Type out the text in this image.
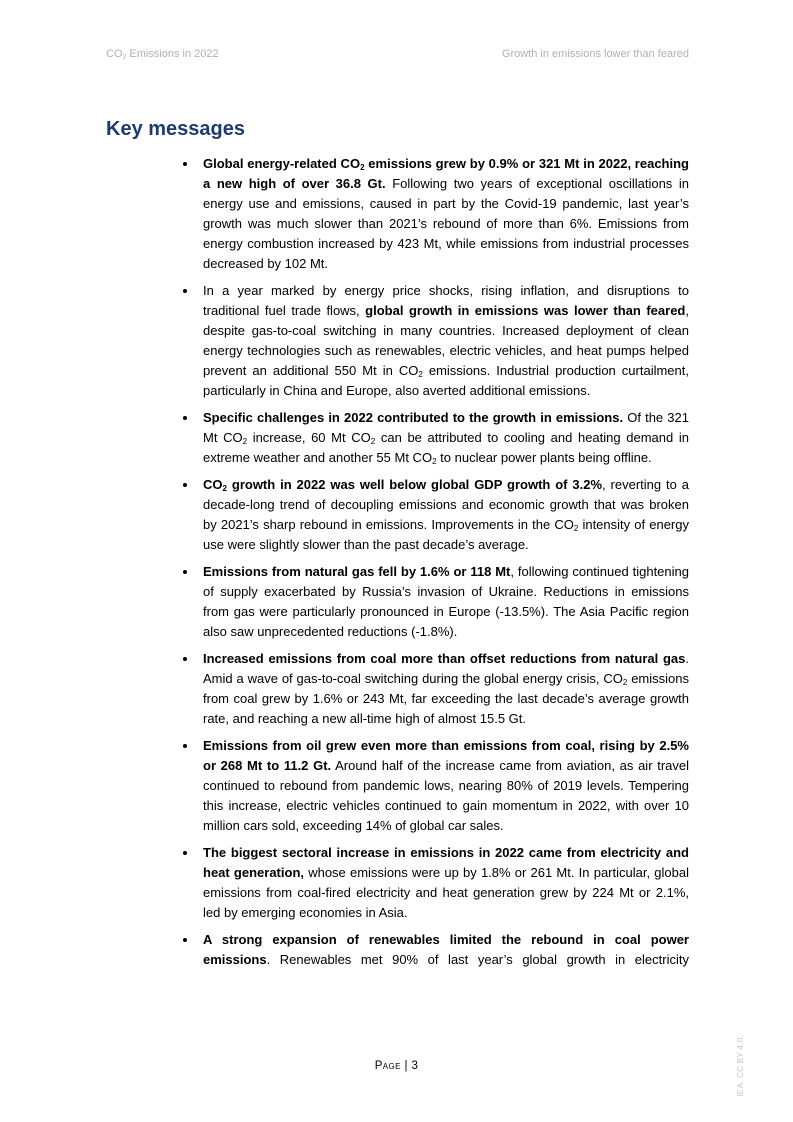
$CO_2$ Emissions in 2022	Growth in emissions lower than feared
Key messages
Global energy-related $CO_2$ emissions grew by 0.9% or 321 Mt in 2022, reaching a new high of over 36.8 Gt. Following two years of exceptional oscillations in energy use and emissions, caused in part by the Covid-19 pandemic, last year’s growth was much slower than 2021’s rebound of more than 6%. Emissions from energy combustion increased by 423 Mt, while emissions from industrial processes decreased by 102 Mt.
In a year marked by energy price shocks, rising inflation, and disruptions to traditional fuel trade flows, global growth in emissions was lower than feared, despite gas-to-coal switching in many countries. Increased deployment of clean energy technologies such as renewables, electric vehicles, and heat pumps helped prevent an additional 550 Mt in $CO_2$ emissions. Industrial production curtailment, particularly in China and Europe, also averted additional emissions.
Specific challenges in 2022 contributed to the growth in emissions. Of the 321 Mt $CO_2$ increase, 60 Mt $CO_2$ can be attributed to cooling and heating demand in extreme weather and another 55 Mt $CO_2$ to nuclear power plants being offline.
$CO_2$ growth in 2022 was well below global GDP growth of 3.2%, reverting to a decade-long trend of decoupling emissions and economic growth that was broken by 2021’s sharp rebound in emissions. Improvements in the $CO_2$ intensity of energy use were slightly slower than the past decade’s average.
Emissions from natural gas fell by 1.6% or 118 Mt, following continued tightening of supply exacerbated by Russia’s invasion of Ukraine. Reductions in emissions from gas were particularly pronounced in Europe (-13.5%). The Asia Pacific region also saw unprecedented reductions (-1.8%).
Increased emissions from coal more than offset reductions from natural gas. Amid a wave of gas-to-coal switching during the global energy crisis, $CO_2$ emissions from coal grew by 1.6% or 243 Mt, far exceeding the last decade’s average growth rate, and reaching a new all-time high of almost 15.5 Gt.
Emissions from oil grew even more than emissions from coal, rising by 2.5% or 268 Mt to 11.2 Gt. Around half of the increase came from aviation, as air travel continued to rebound from pandemic lows, nearing 80% of 2019 levels. Tempering this increase, electric vehicles continued to gain momentum in 2022, with over 10 million cars sold, exceeding 14% of global car sales.
The biggest sectoral increase in emissions in 2022 came from electricity and heat generation, whose emissions were up by 1.8% or 261 Mt. In particular, global emissions from coal-fired electricity and heat generation grew by 224 Mt or 2.1%, led by emerging economies in Asia.
A strong expansion of renewables limited the rebound in coal power emissions. Renewables met 90% of last year’s global growth in electricity
Page | 3	IEA. CC BY 4.0.
